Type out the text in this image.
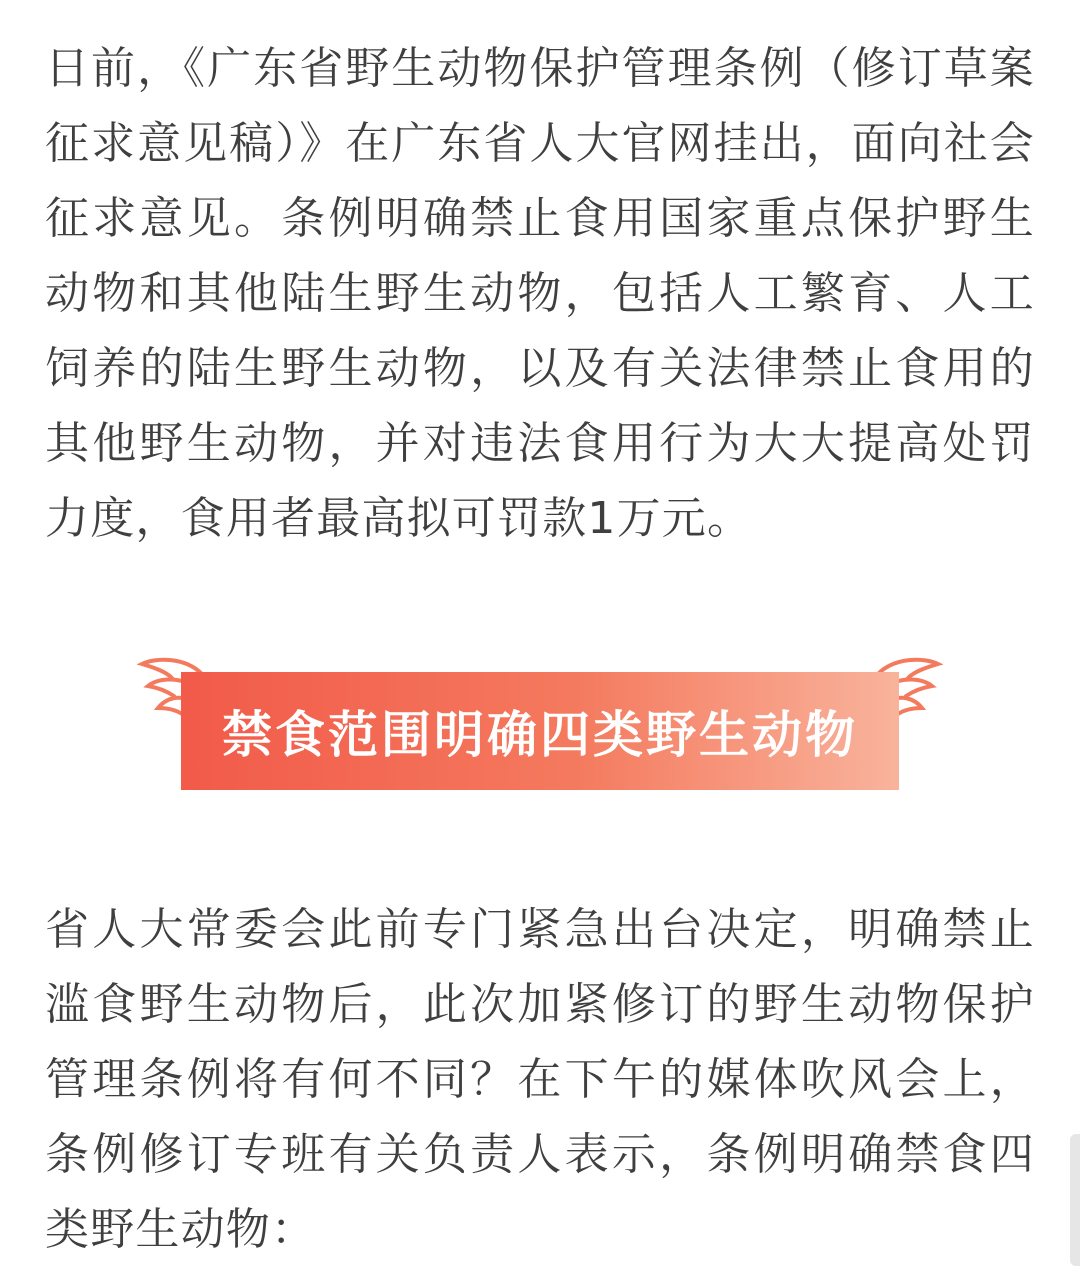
日前，《广东省野生动物保护管理条例（修订草案征求意见稿）》在广东省人大官网挂出，面向社会征求意见。条例明确禁止食用国家重点保护野生动物和其他陆生野生动物，包括人工繁育、人工饲养的陆生野生动物，以及有关法律禁止食用的其他野生动物，并对违法食用行为大大提高处罚力度，食用者最高拟可罚款1万元。

禁食范围明确四类野生动物

省人大常委会此前专门紧急出台决定，明确禁止滥食野生动物后，此次加紧修订的野生动物保护管理条例将有何不同？在下午的媒体吹风会上，条例修订专班有关负责人表示，条例明确禁食四类野生动物：
